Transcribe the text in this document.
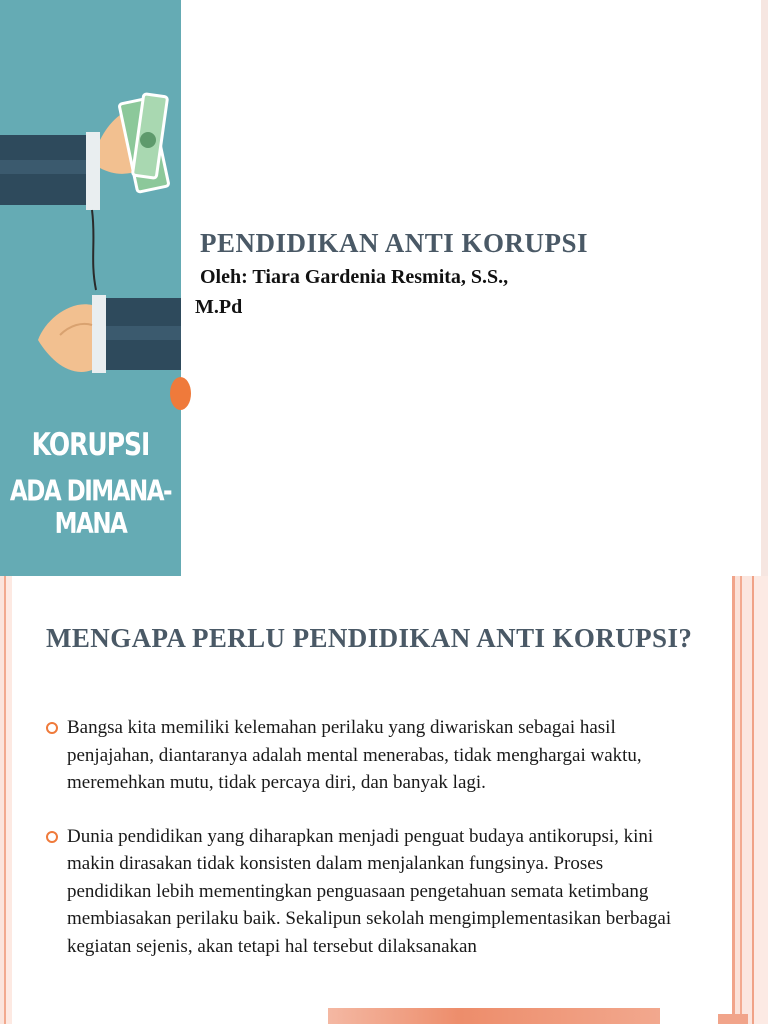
KORUPSI
ADA DIMANA-MANA
PENDIDIKAN ANTI KORUPSI
Oleh: Tiara Gardenia Resmita, S.S.,
M.Pd
MENGAPA PERLU PENDIDIKAN ANTI KORUPSI?
Bangsa kita memiliki kelemahan perilaku yang diwariskan sebagai hasil penjajahan, diantaranya adalah mental menerabas, tidak menghargai waktu, meremehkan mutu, tidak percaya diri, dan banyak lagi.
Dunia pendidikan yang diharapkan menjadi penguat budaya antikorupsi, kini makin dirasakan tidak konsisten dalam menjalankan fungsinya. Proses pendidikan lebih mementingkan penguasaan pengetahuan semata ketimbang membiasakan perilaku baik. Sekalipun sekolah mengimplementasikan berbagai kegiatan sejenis, akan tetapi hal tersebut dilaksanakan
